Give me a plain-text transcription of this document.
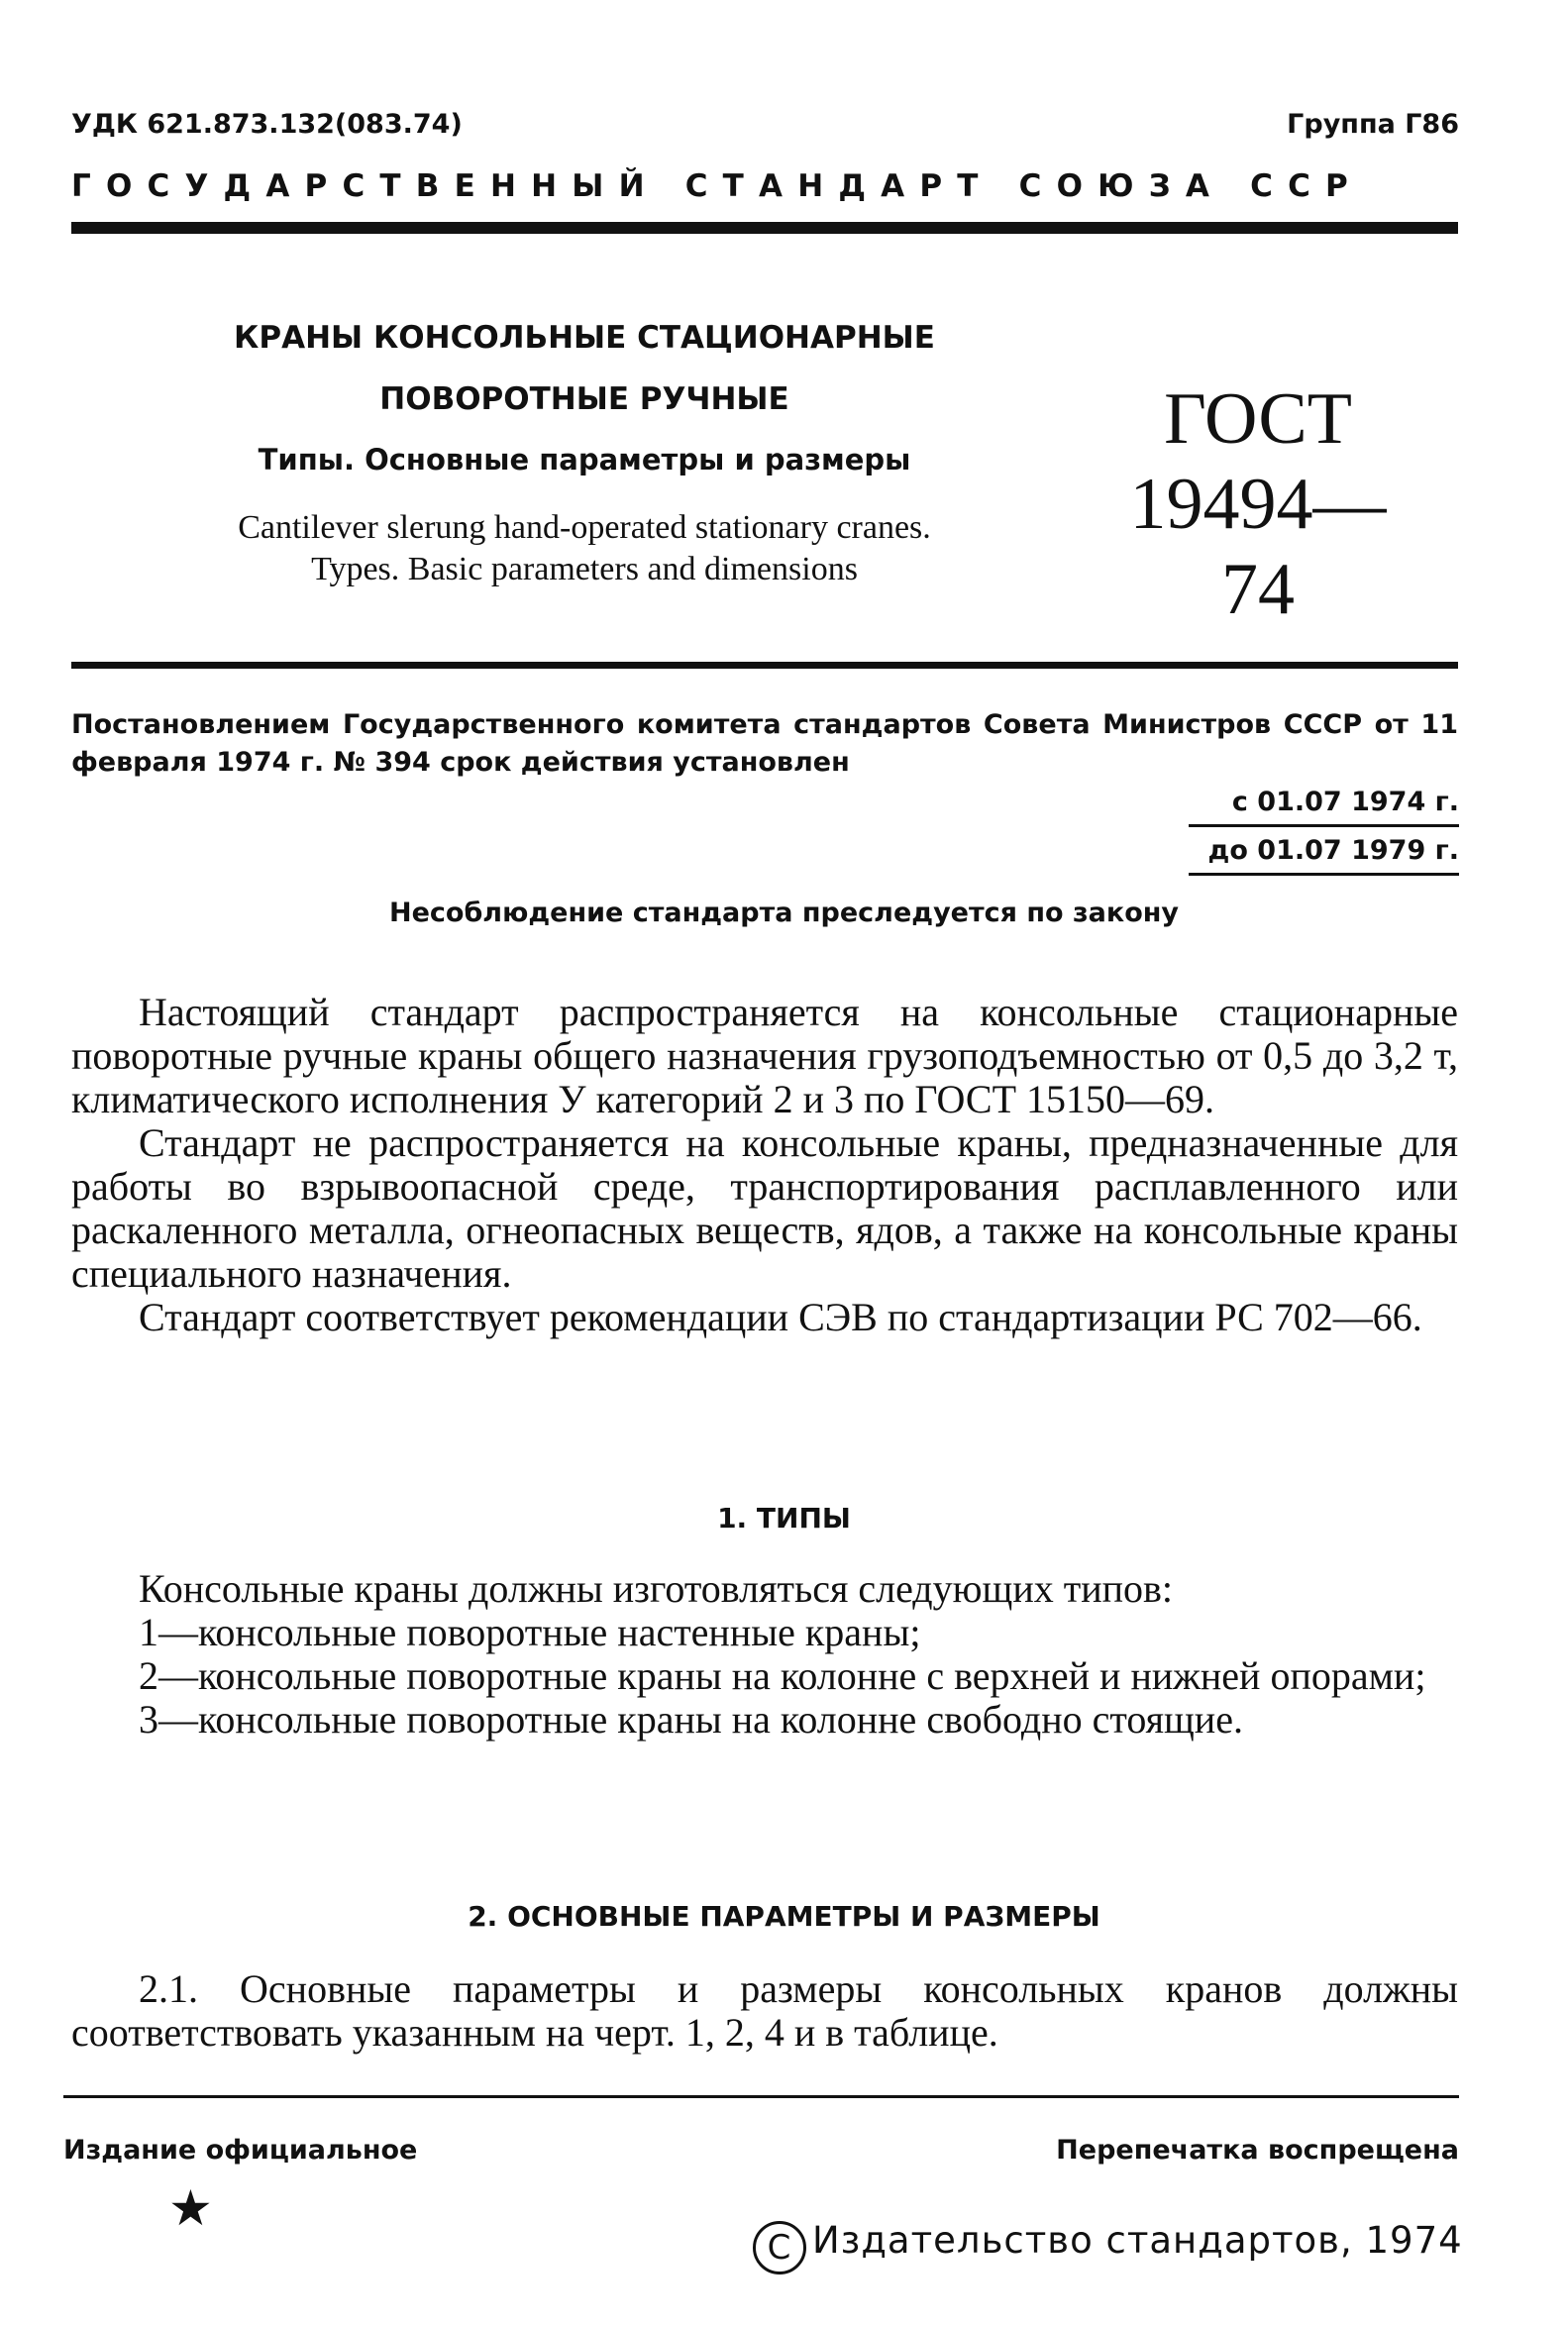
УДК 621.873.132(083.74)	Группа Г86
ГОСУДАРСТВЕННЫЙ СТАНДАРТ СОЮЗА ССР
КРАНЫ КОНСОЛЬНЫЕ СТАЦИОНАРНЫЕ
ПОВОРОТНЫЕ РУЧНЫЕ
Типы. Основные параметры и размеры
Cantilever slerung hand-operated stationary cranes.
Types. Basic parameters and dimensions
ГОСТ
19494—74
Постановлением Государственного комитета стандартов Совета Министров СССР от 11 февраля 1974 г. № 394 срок действия установлен
с 01.07 1974 г.
до 01.07 1979 г.
Несоблюдение стандарта преследуется по закону

Настоящий стандарт распространяется на консольные стационарные поворотные ручные краны общего назначения грузоподъемностью от 0,5 до 3,2 т, климатического исполнения У категорий 2 и 3 по ГОСТ 15150—69.

Стандарт не распространяется на консольные краны, предназначенные для работы во взрывоопасной среде, транспортирования расплавленного или раскаленного металла, огнеопасных веществ, ядов, а также на консольные краны специального назначения.

Стандарт соответствует рекомендации СЭВ по стандартизации РС 702—66.

1. ТИПЫ

Консольные краны должны изготовляться следующих типов:

1—консольные поворотные настенные краны;

2—консольные поворотные краны на колонне с верхней и нижней опорами;

3—консольные поворотные краны на колонне свободно стоящие.

2. ОСНОВНЫЕ ПАРАМЕТРЫ И РАЗМЕРЫ

2.1. Основные параметры и размеры консольных кранов должны соответствовать указанным на черт. 1, 2, 4 и в таблице.

Издание официальное	Перепечатка воспрещена
★
C Издательство стандартов, 1974
